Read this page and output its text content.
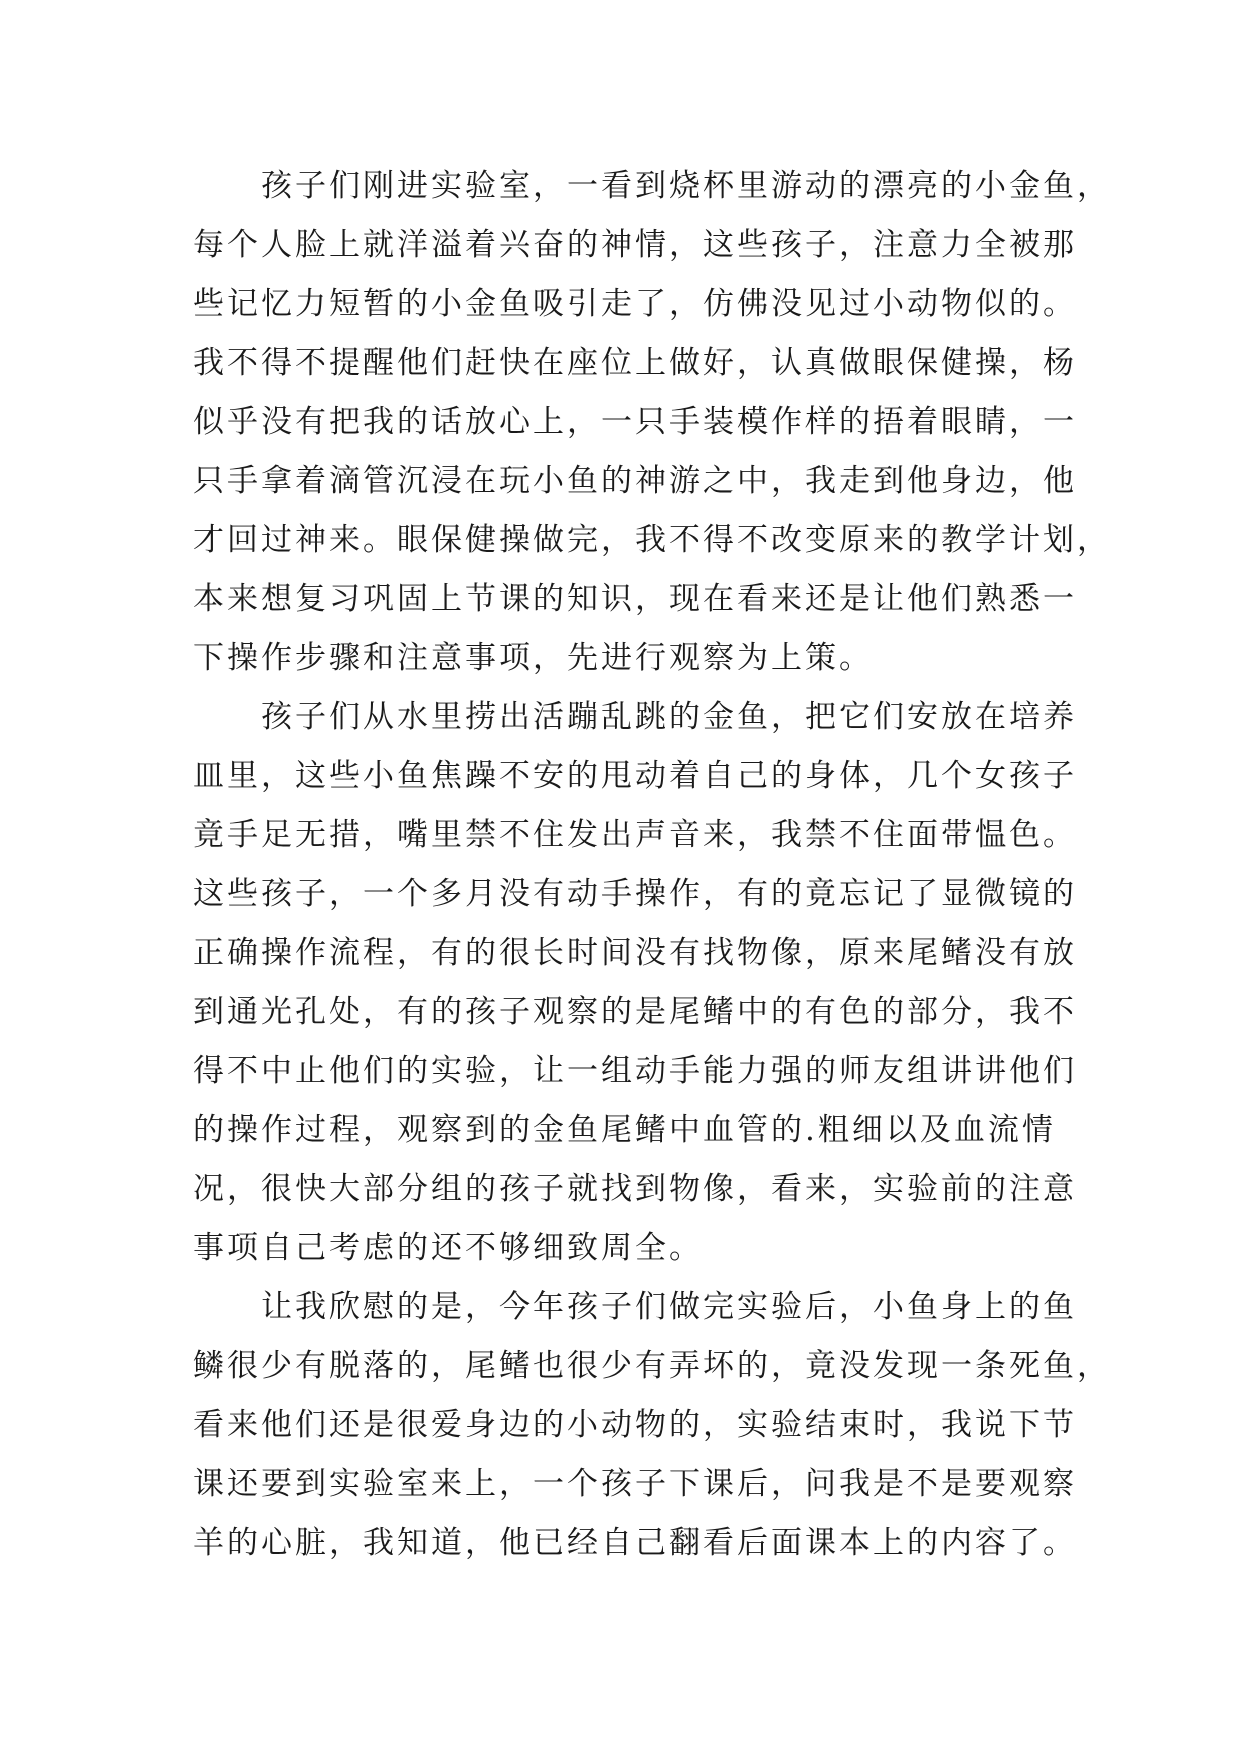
孩子们刚进实验室，一看到烧杯里游动的漂亮的小金鱼，
每个人脸上就洋溢着兴奋的神情，这些孩子，注意力全被那
些记忆力短暂的小金鱼吸引走了，仿佛没见过小动物似的。
我不得不提醒他们赶快在座位上做好，认真做眼保健操，杨
似乎没有把我的话放心上，一只手装模作样的捂着眼睛，一
只手拿着滴管沉浸在玩小鱼的神游之中，我走到他身边，他
才回过神来。眼保健操做完，我不得不改变原来的教学计划，
本来想复习巩固上节课的知识，现在看来还是让他们熟悉一
下操作步骤和注意事项，先进行观察为上策。
孩子们从水里捞出活蹦乱跳的金鱼，把它们安放在培养
皿里，这些小鱼焦躁不安的甩动着自己的身体，几个女孩子
竟手足无措，嘴里禁不住发出声音来，我禁不住面带愠色。
这些孩子，一个多月没有动手操作，有的竟忘记了显微镜的
正确操作流程，有的很长时间没有找物像，原来尾鳍没有放
到通光孔处，有的孩子观察的是尾鳍中的有色的部分，我不
得不中止他们的实验，让一组动手能力强的师友组讲讲他们
的操作过程，观察到的金鱼尾鳍中血管的.粗细以及血流情
况，很快大部分组的孩子就找到物像，看来，实验前的注意
事项自己考虑的还不够细致周全。
让我欣慰的是，今年孩子们做完实验后，小鱼身上的鱼
鳞很少有脱落的，尾鳍也很少有弄坏的，竟没发现一条死鱼，
看来他们还是很爱身边的小动物的，实验结束时，我说下节
课还要到实验室来上，一个孩子下课后，问我是不是要观察
羊的心脏，我知道，他已经自己翻看后面课本上的内容了。
